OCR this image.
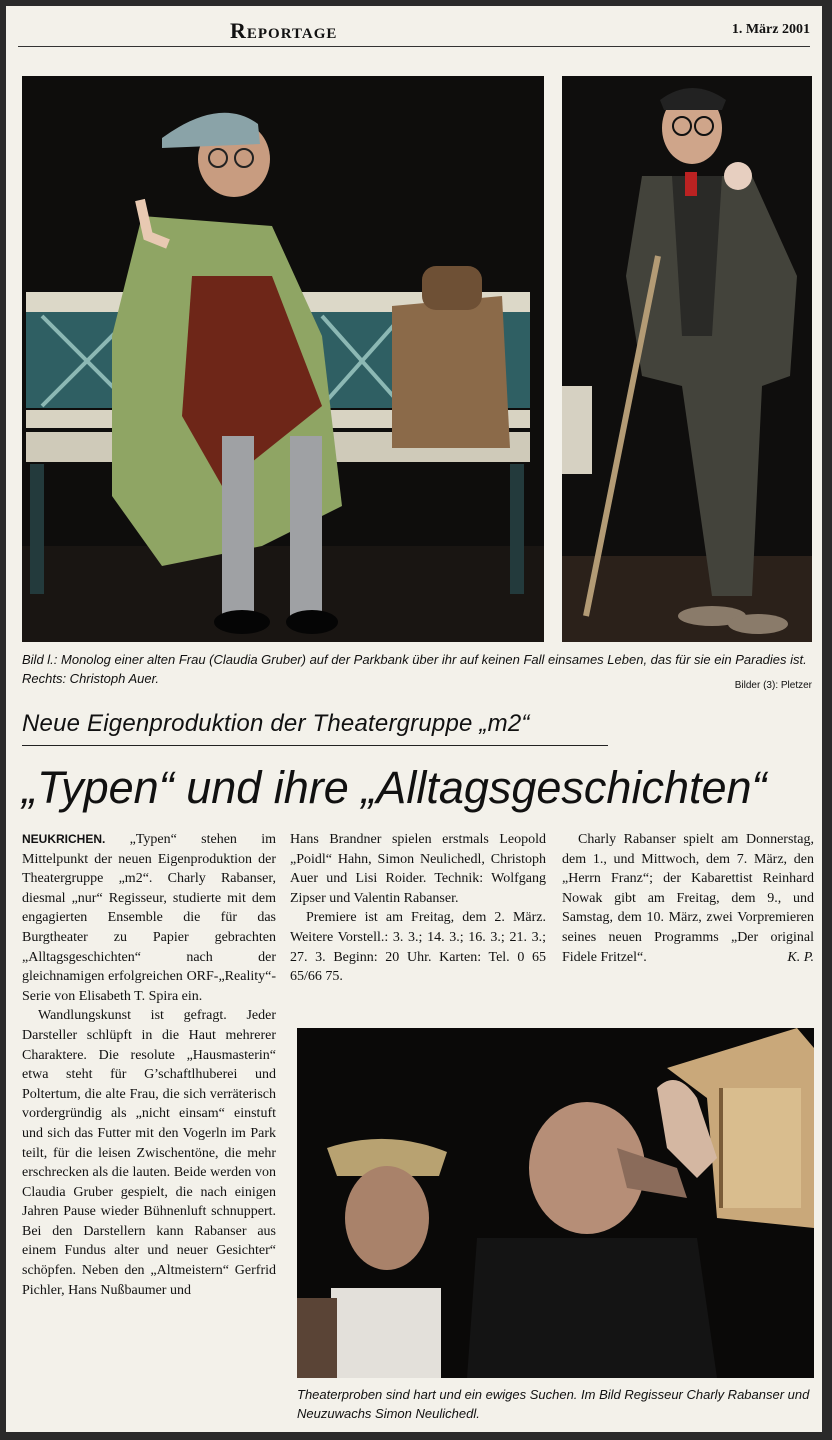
Reportage	1. März 2001
Bild l.: Monolog einer alten Frau (Claudia Gruber) auf der Parkbank über ihr auf keinen Fall einsames Leben, das für sie ein Paradies ist. Rechts: Christoph Auer.	Bilder (3): Pletzer
Neue Eigenproduktion der Theatergruppe „m2“
„Typen“ und ihre „Alltagsgeschichten“

NEUKRICHEN. „Typen“ stehen im Mittelpunkt der neuen Eigenproduktion der Theatergruppe „m2“. Charly Rabanser, diesmal „nur“ Regisseur, studierte mit dem engagierten Ensemble die für das Burgtheater zu Papier gebrachten „Alltagsgeschichten“ nach der gleichnamigen erfolgreichen ORF-„Reality“-Serie von Elisabeth T. Spira ein.

Wandlungskunst ist gefragt. Jeder Darsteller schlüpft in die Haut mehrerer Charaktere. Die resolute „Hausmasterin“ etwa steht für G’schaftlhuberei und Poltertum, die alte Frau, die sich verräterisch vordergründig als „nicht einsam“ einstuft und sich das Futter mit den Vogerln im Park teilt, für die leisen Zwischentöne, die mehr erschrecken als die lauten. Beide werden von Claudia Gruber gespielt, die nach einigen Jahren Pause wieder Bühnenluft schnuppert. Bei den Darstellern kann Rabanser aus einem Fundus alter und neuer Gesichter“ schöpfen. Neben den „Altmeistern“ Gerfrid Pichler, Hans Nußbaumer und

Hans Brandner spielen erstmals Leopold „Poidl“ Hahn, Simon Neulichedl, Christoph Auer und Lisi Roider. Technik: Wolfgang Zipser und Valentin Rabanser.

Premiere ist am Freitag, dem 2. März. Weitere Vorstell.: 3. 3.; 14. 3.; 16. 3.; 21. 3.; 27. 3. Beginn: 20 Uhr. Karten: Tel. 0 65 65/66 75.

Charly Rabanser spielt am Donnerstag, dem 1., und Mittwoch, dem 7. März, den „Herrn Franz“; der Kabarettist Reinhard Nowak gibt am Freitag, dem 9., und Samstag, dem 10. März, zwei Vorpremieren seines neuen Programms „Der original Fidele Fritzel“.	K. P.

Theaterproben sind hart und ein ewiges Suchen. Im Bild Regisseur Charly Rabanser und Neuzuwachs Simon Neulichedl.
